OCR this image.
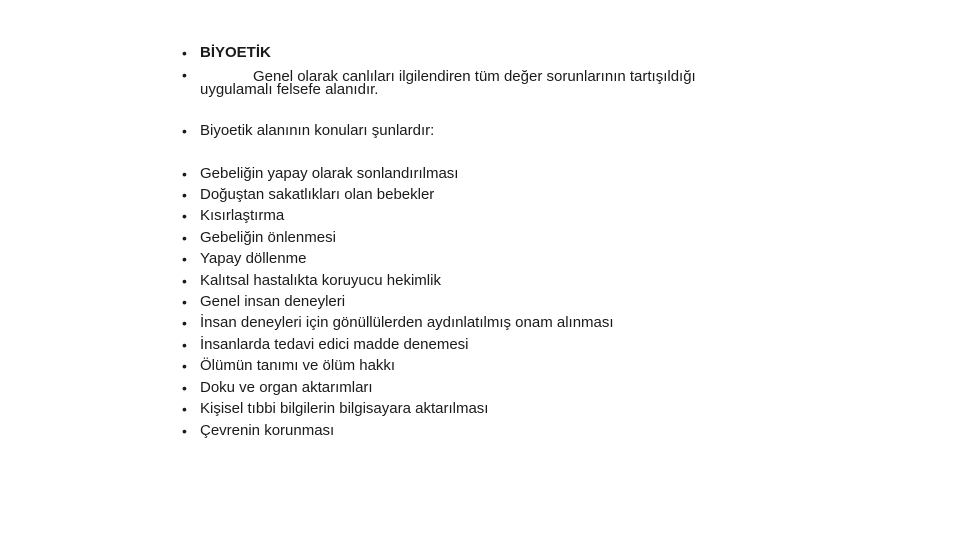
• BİYOETİK
•	Genel olarak canlıları ilgilendiren tüm değer sorunlarının tartışıldığı
uygulamalı felsefe alanıdır.
• Biyoetik alanının konuları şunlardır:
• Gebeliğin yapay olarak sonlandırılması
• Doğuştan sakatlıkları olan bebekler
• Kısırlaştırma
• Gebeliğin önlenmesi
• Yapay döllenme
• Kalıtsal hastalıkta koruyucu hekimlik
• Genel insan deneyleri
• İnsan deneyleri için gönüllülerden aydınlatılmış onam alınması
• İnsanlarda tedavi edici madde denemesi
• Ölümün tanımı ve ölüm hakkı
• Doku ve organ aktarımları
• Kişisel tıbbi bilgilerin bilgisayara aktarılması
• Çevrenin korunması
